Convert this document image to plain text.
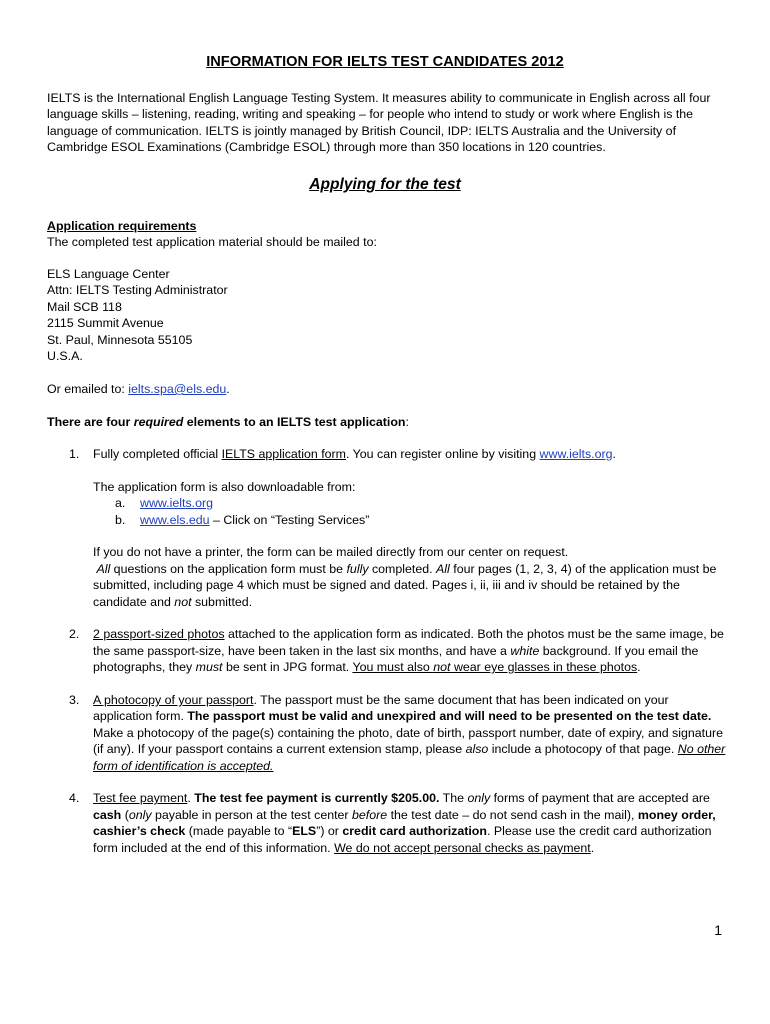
INFORMATION FOR IELTS TEST CANDIDATES 2012

IELTS is the International English Language Testing System. It measures ability to communicate in English across all four language skills – listening, reading, writing and speaking – for people who intend to study or work where English is the language of communication. IELTS is jointly managed by British Council, IDP: IELTS Australia and the University of Cambridge ESOL Examinations (Cambridge ESOL) through more than 350 locations in 120 countries.

Applying for the test

Application requirements

The completed test application material should be mailed to:

ELS Language Center

Attn: IELTS Testing Administrator

Mail SCB 118

2115 Summit Avenue

St. Paul, Minnesota 55105

U.S.A.

Or emailed to: ielts.spa@els.edu.

There are four required elements to an IELTS test application:

1. Fully completed official IELTS application form. You can register online by visiting www.ielts.org.

The application form is also downloadable from:

a. www.ielts.org
b. www.els.edu – Click on “Testing Services”

If you do not have a printer, the form can be mailed directly from our center on request.

All questions on the application form must be fully completed. All four pages (1, 2, 3, 4) of the application must be submitted, including page 4 which must be signed and dated. Pages i, ii, iii and iv should be retained by the candidate and not submitted.

2. 2 passport-sized photos attached to the application form as indicated. Both the photos must be the same image, be the same passport-size, have been taken in the last six months, and have a white background. If you email the photographs, they must be sent in JPG format. You must also not wear eye glasses in these photos.

3. A photocopy of your passport. The passport must be the same document that has been indicated on your application form. The passport must be valid and unexpired and will need to be presented on the test date. Make a photocopy of the page(s) containing the photo, date of birth, passport number, date of expiry, and signature (if any). If your passport contains a current extension stamp, please also include a photocopy of that page. No other form of identification is accepted.

4. Test fee payment. The test fee payment is currently $205.00. The only forms of payment that are accepted are cash (only payable in person at the test center before the test date – do not send cash in the mail), money order, cashier’s check (made payable to “ELS”) or credit card authorization. Please use the credit card authorization form included at the end of this information. We do not accept personal checks as payment.

1
